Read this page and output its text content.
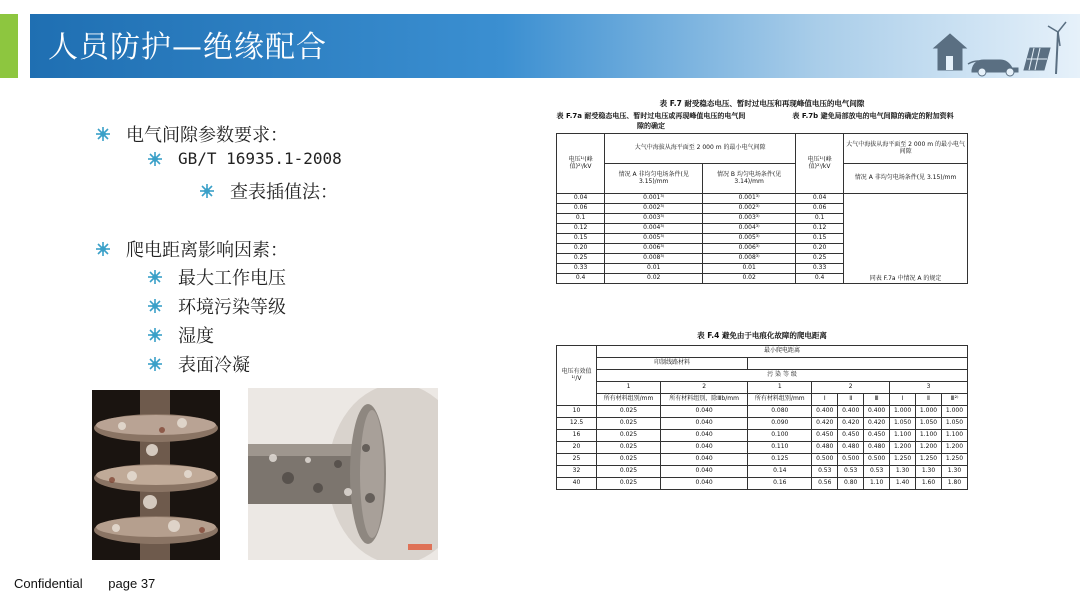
人员防护—绝缘配合
电气间隙参数要求：
GB/T 16935.1-2008
查表插值法：
爬电距离影响因素：
最大工作电压
环境污染等级
湿度
表面冷凝
表 F.7 耐受稳态电压、暂时过电压和再现峰值电压的电气间隙
表 F.7a 耐受稳态电压、暂时过电压或再现峰值电压的电气间隙的确定
表 F.7b 避免局部放电的电气间隙的确定的附加资料
电压¹⁾(峰值)²⁾/kV	大气中海拔从海平面至 2 000 m 的最小电气间隙		电压¹⁾(峰值)²⁾/kV	大气中海拔从海平面至 2 000 m 的最小电气间隙
	情况 A 非均匀电场条件(见 3.15)/mm	情况 B 均匀电场条件(见 3.14)/mm		情况 A 非均匀电场条件(见 3.15)/mm
0.04	0.001³⁾	0.001³⁾	0.04	同表 F.7a 中情况 A 的规定
0.06	0.002³⁾	0.002³⁾	0.06	
0.1	0.003³⁾	0.003³⁾	0.1	
0.12	0.004³⁾	0.004³⁾	0.12	
0.15	0.005³⁾	0.005³⁾	0.15	
0.20	0.006³⁾	0.006³⁾	0.20	
0.25	0.008³⁾	0.008³⁾	0.25	
0.33	0.01	0.01	0.33	
0.4	0.02	0.02	0.4	
表 F.4 避免由于电痕化故障的爬电距离
电压有效值¹⁾/V	最小爬电距离								
	印制线路材料								
	污 染 等 级								
	1	2	1	2			3		
	所有材料组别/mm	所有材料组别，除Ⅲb/mm	所有材料组别/mm	Ⅰ	Ⅱ	Ⅲ	Ⅰ	Ⅱ	Ⅲ²⁾
10	0.025	0.040	0.080	0.400	0.400	0.400	1.000	1.000	1.000
12.5	0.025	0.040	0.090	0.420	0.420	0.420	1.050	1.050	1.050
16	0.025	0.040	0.100	0.450	0.450	0.450	1.100	1.100	1.100
20	0.025	0.040	0.110	0.480	0.480	0.480	1.200	1.200	1.200
25	0.025	0.040	0.125	0.500	0.500	0.500	1.250	1.250	1.250
32	0.025	0.040	0.14	0.53	0.53	0.53	1.30	1.30	1.30
40	0.025	0.040	0.16	0.56	0.80	1.10	1.40	1.60	1.80
Confidential page 37
